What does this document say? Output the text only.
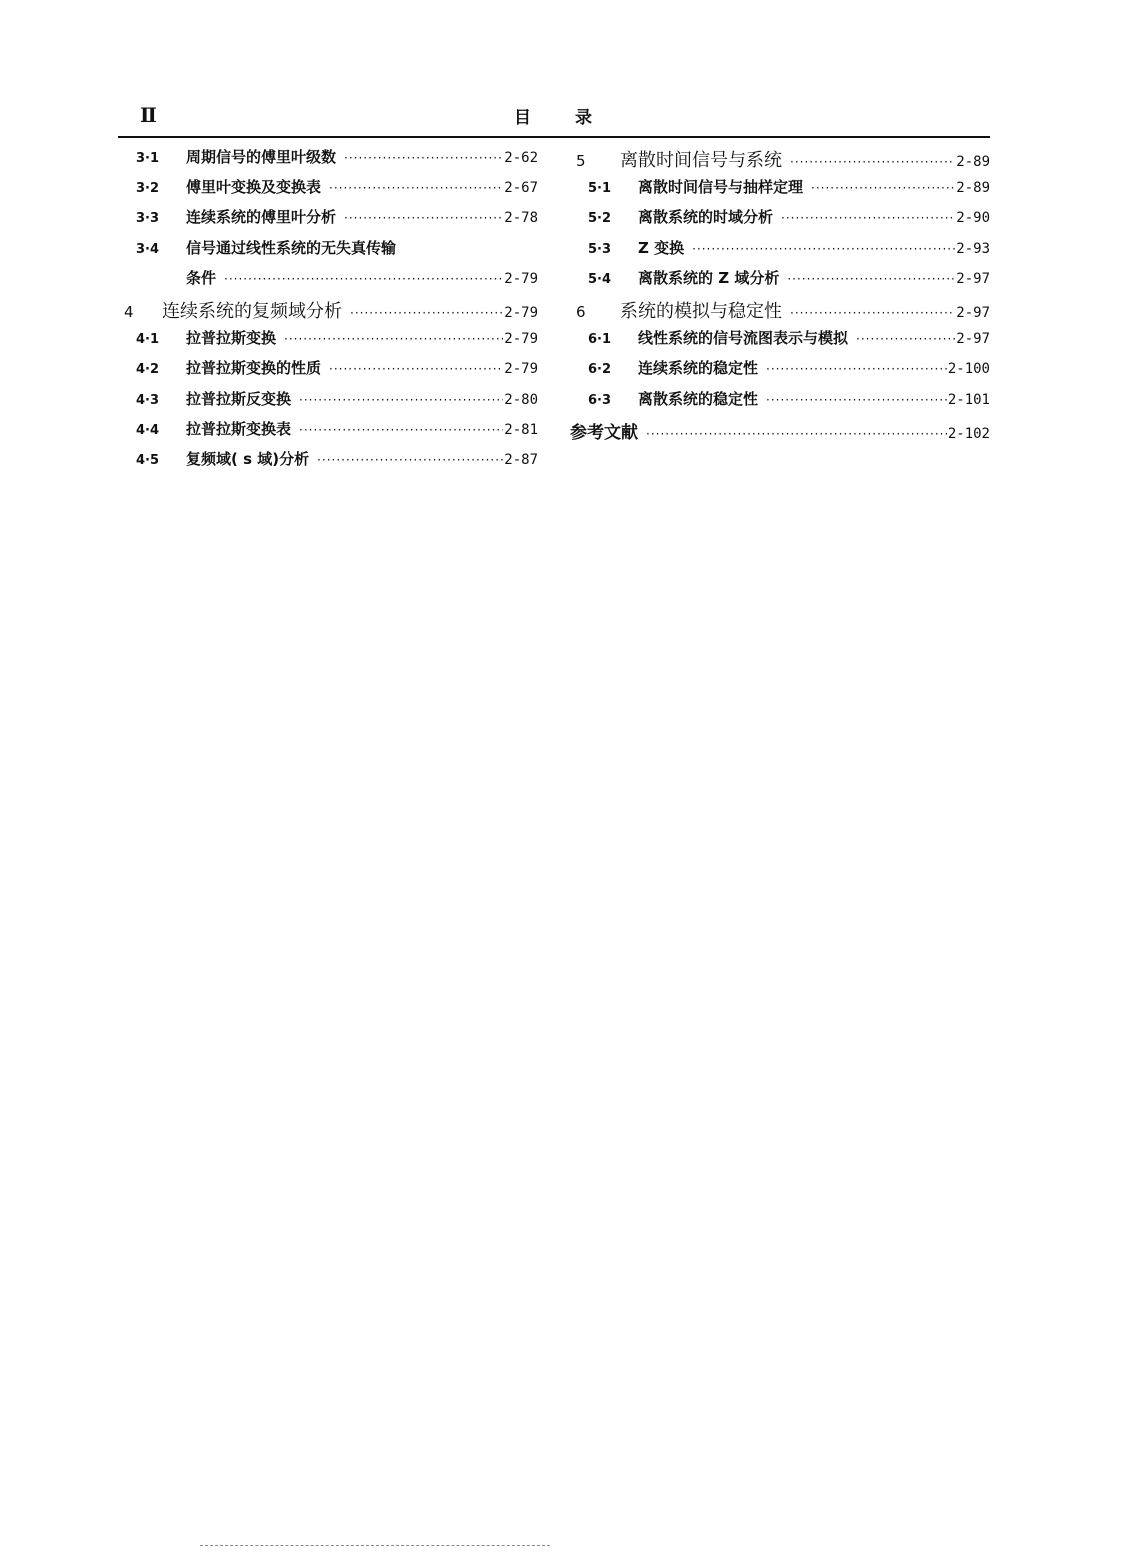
Ⅱ	目录
3·1	周期信号的傅里叶级数 ·····	2-62
3·2	傅里叶变换及变换表 ·····	2-67
3·3	连续系统的傅里叶分析 ·····	2-78
3·4	信号通过线性系统的无失真传输
条件 ·····	2-79
4	连续系统的复频域分析 ·····	2-79
4·1	拉普拉斯变换 ·····	2-79
4·2	拉普拉斯变换的性质 ·····	2-79
4·3	拉普拉斯反变换 ·····	2-80
4·4	拉普拉斯变换表 ·····	2-81
4·5	复频域( s 域)分析 ·····	2-87
5	离散时间信号与系统 ·····	2-89
5·1	离散时间信号与抽样定理 ·····	2-89
5·2	离散系统的时域分析 ·····	2-90
5·3	Z 变换 ·····	2-93
5·4	离散系统的 Z 域分析 ·····	2-97
6	系统的模拟与稳定性 ·····	2-97
6·1	线性系统的信号流图表示与模拟 ·····	2-97
6·2	连续系统的稳定性 ·····	2-100
6·3	离散系统的稳定性 ·····	2-101
参考文献 ·····	2-102
